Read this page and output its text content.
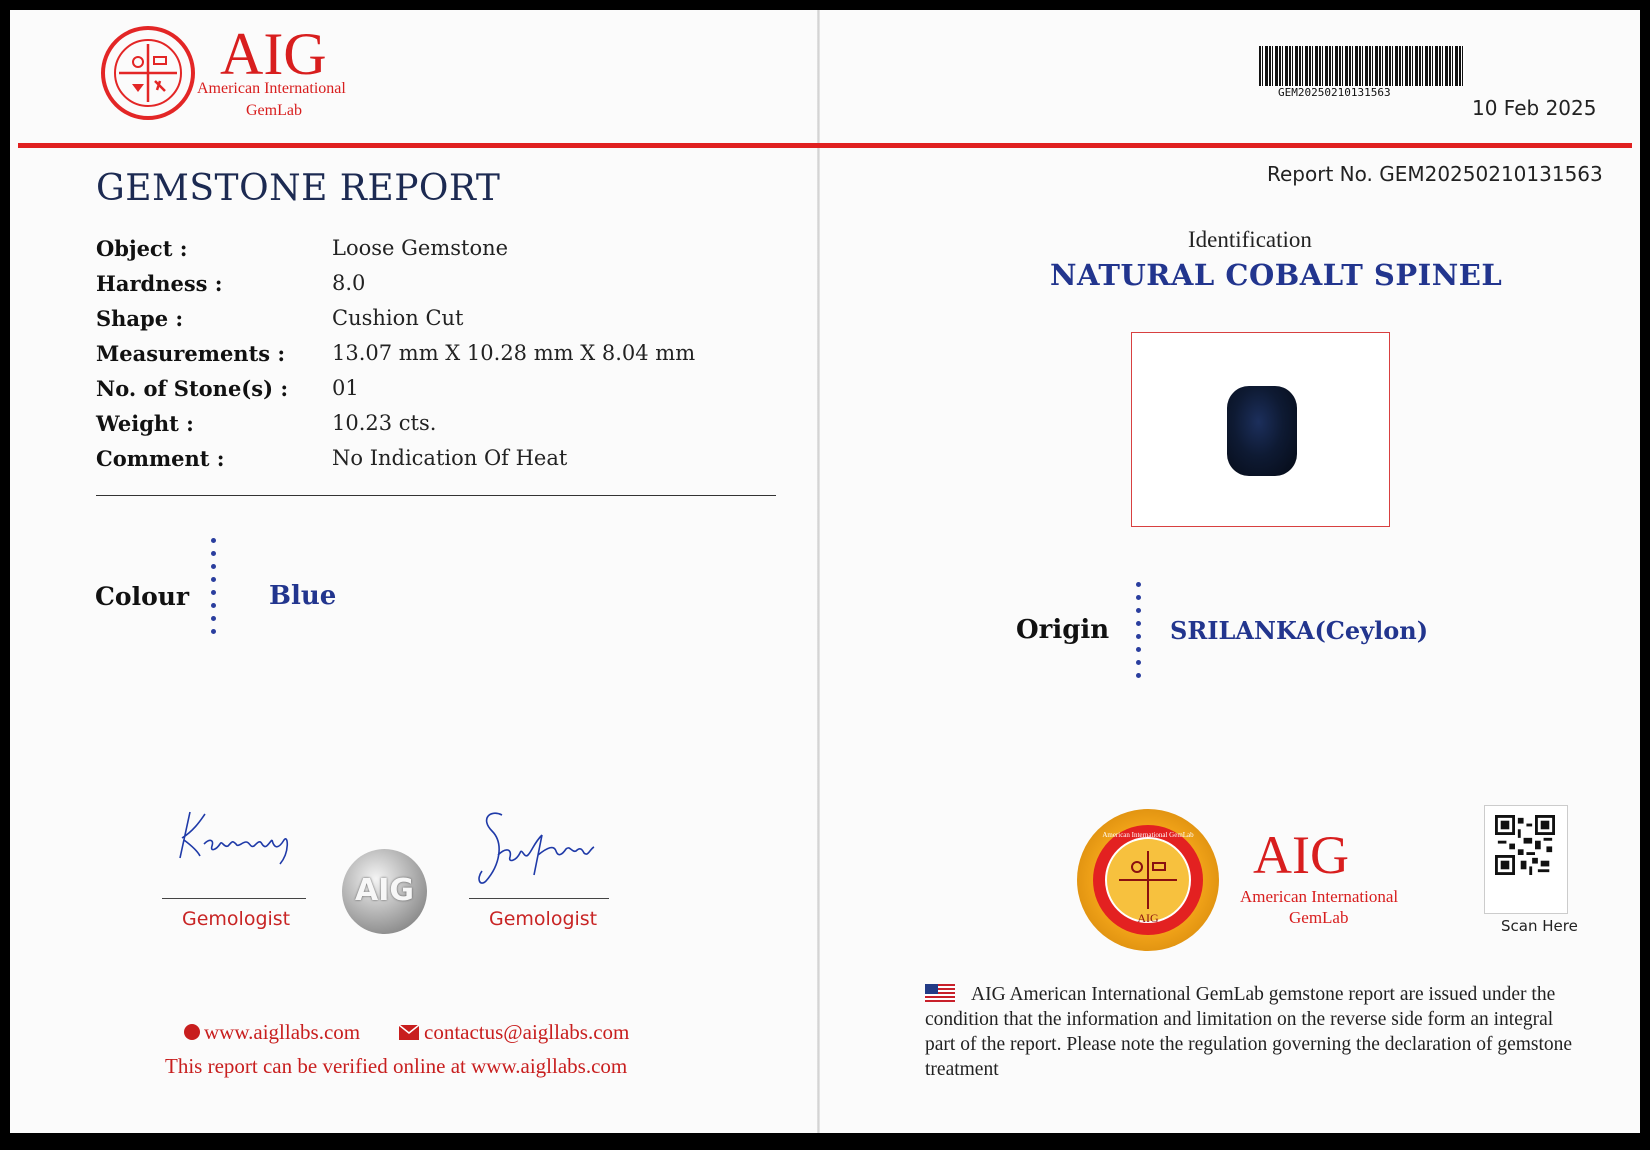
AIG
American International
GemLab
GEMSTONE REPORT
Object :	Loose Gemstone
Hardness :	8.0
Shape :	Cushion Cut
Measurements : 13.07 mm X 10.28 mm X 8.04 mm
No. of Stone(s) : 01
Weight :	10.23 cts.
Comment :	No Indication Of Heat
Colour	Blue
Gemologist
AIG
Gemologist
www.aigllabs.com	contactus@aigllabs.com
This report can be verified online at www.aigllabs.com
GEM20250210131563
10 Feb 2025
Report No. GEM20250210131563
Identification
NATURAL COBALT SPINEL
Origin	SRILANKA(Ceylon)
AIG
American International GemLab	AIG
American International
GemLab	Scan Here
AIG American International GemLab gemstone report are issued under the condition that the information and limitation on the reverse side form an integral part of the report. Please note the regulation governing the declaration of gemstone treatment
